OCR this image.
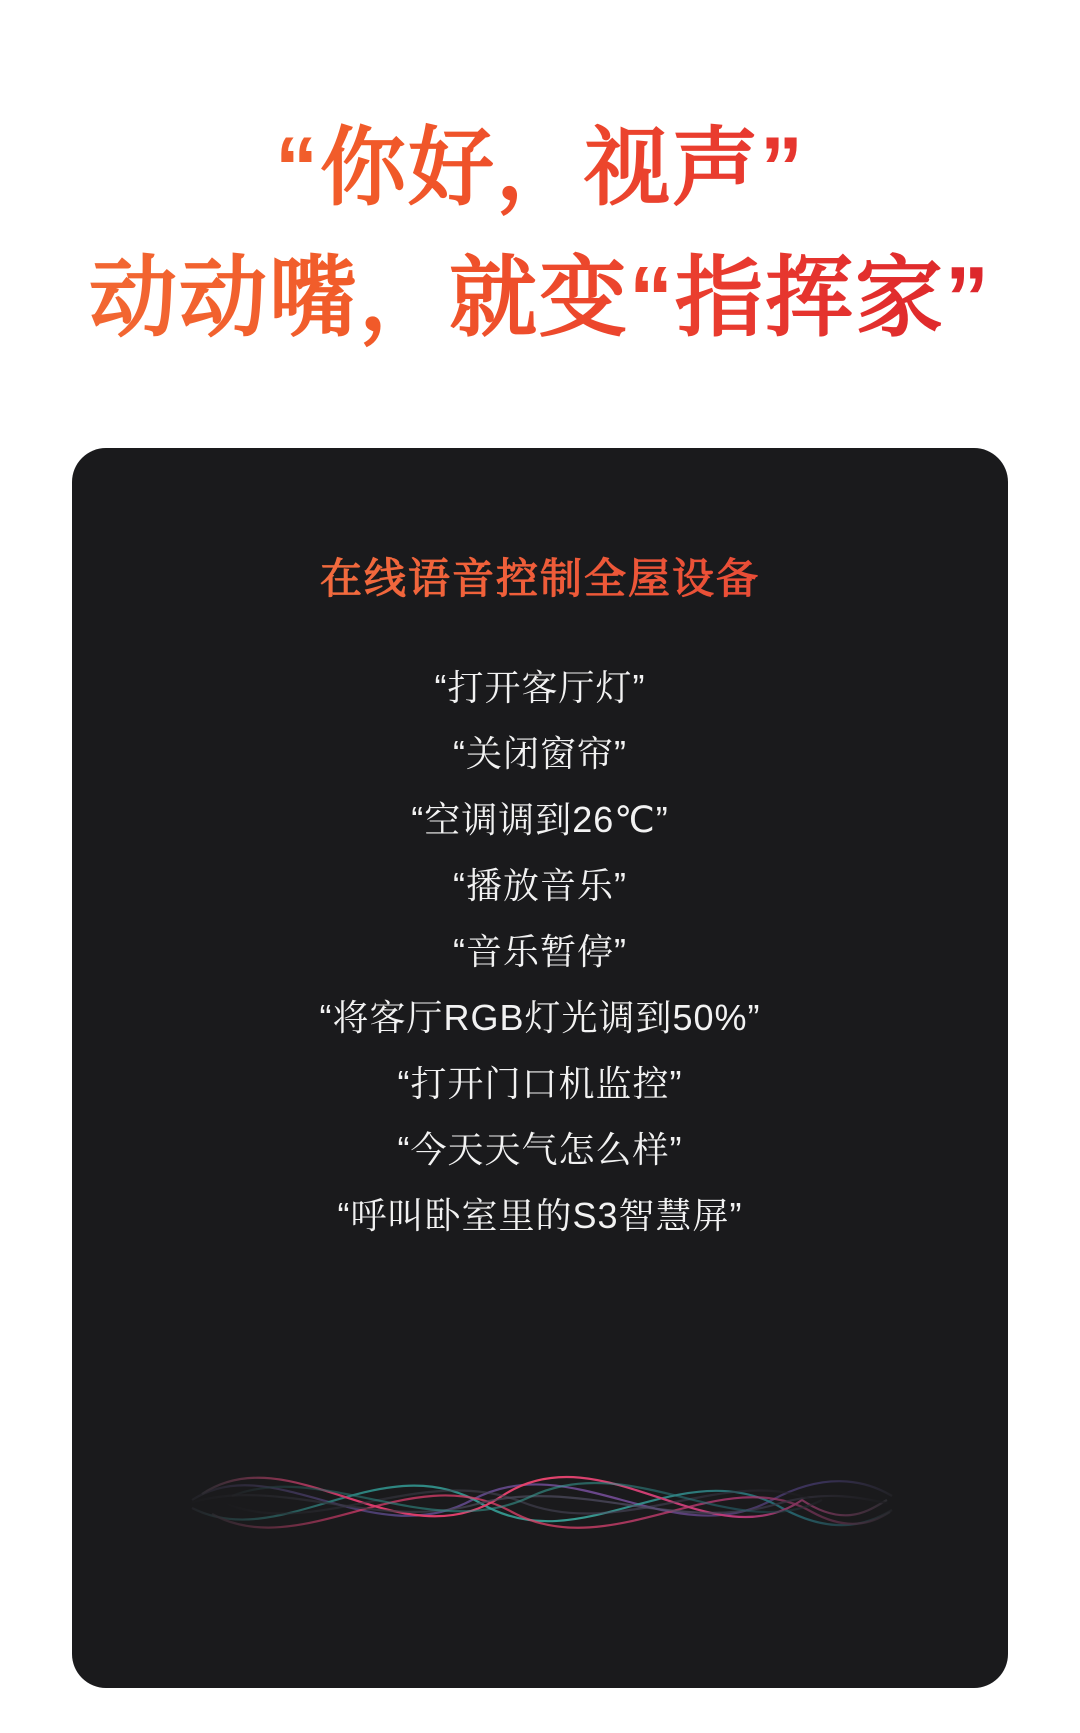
“你好，视声”
动动嘴，就变“指挥家”
在线语音控制全屋设备
“打开客厅灯”
“关闭窗帘”
“空调调到26℃”
“播放音乐”
“音乐暂停”
“将客厅RGB灯光调到50%”
“打开门口机监控”
“今天天气怎么样”
“呼叫卧室里的S3智慧屏”
